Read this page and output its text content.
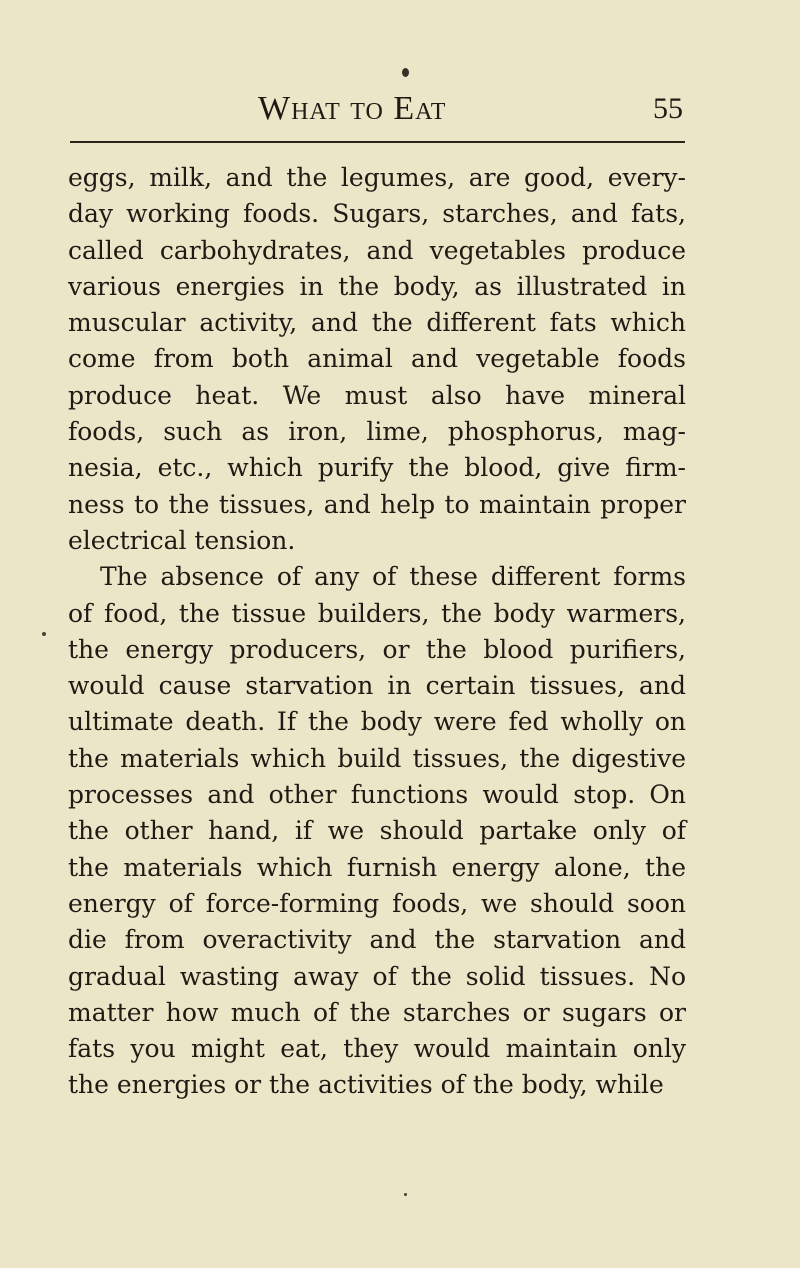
What to Eat	55
eggs, milk, and the legumes, are good, every-
day working foods. Sugars, starches, and fats,
called carbohydrates, and vegetables produce
various energies in the body, as illustrated in
muscular activity, and the different fats which
come from both animal and vegetable foods
produce heat. We must also have mineral
foods, such as iron, lime, phosphorus, mag-
nesia, etc., which purify the blood, give firm-
ness to the tissues, and help to maintain proper
electrical tension.
The absence of any of these different forms
of food, the tissue builders, the body warmers,
the energy producers, or the blood purifiers,
would cause starvation in certain tissues, and
ultimate death. If the body were fed wholly on
the materials which build tissues, the digestive
processes and other functions would stop. On
the other hand, if we should partake only of
the materials which furnish energy alone, the
energy of force-forming foods, we should soon
die from overactivity and the starvation and
gradual wasting away of the solid tissues. No
matter how much of the starches or sugars or
fats you might eat, they would maintain only
the energies or the activities of the body, while
